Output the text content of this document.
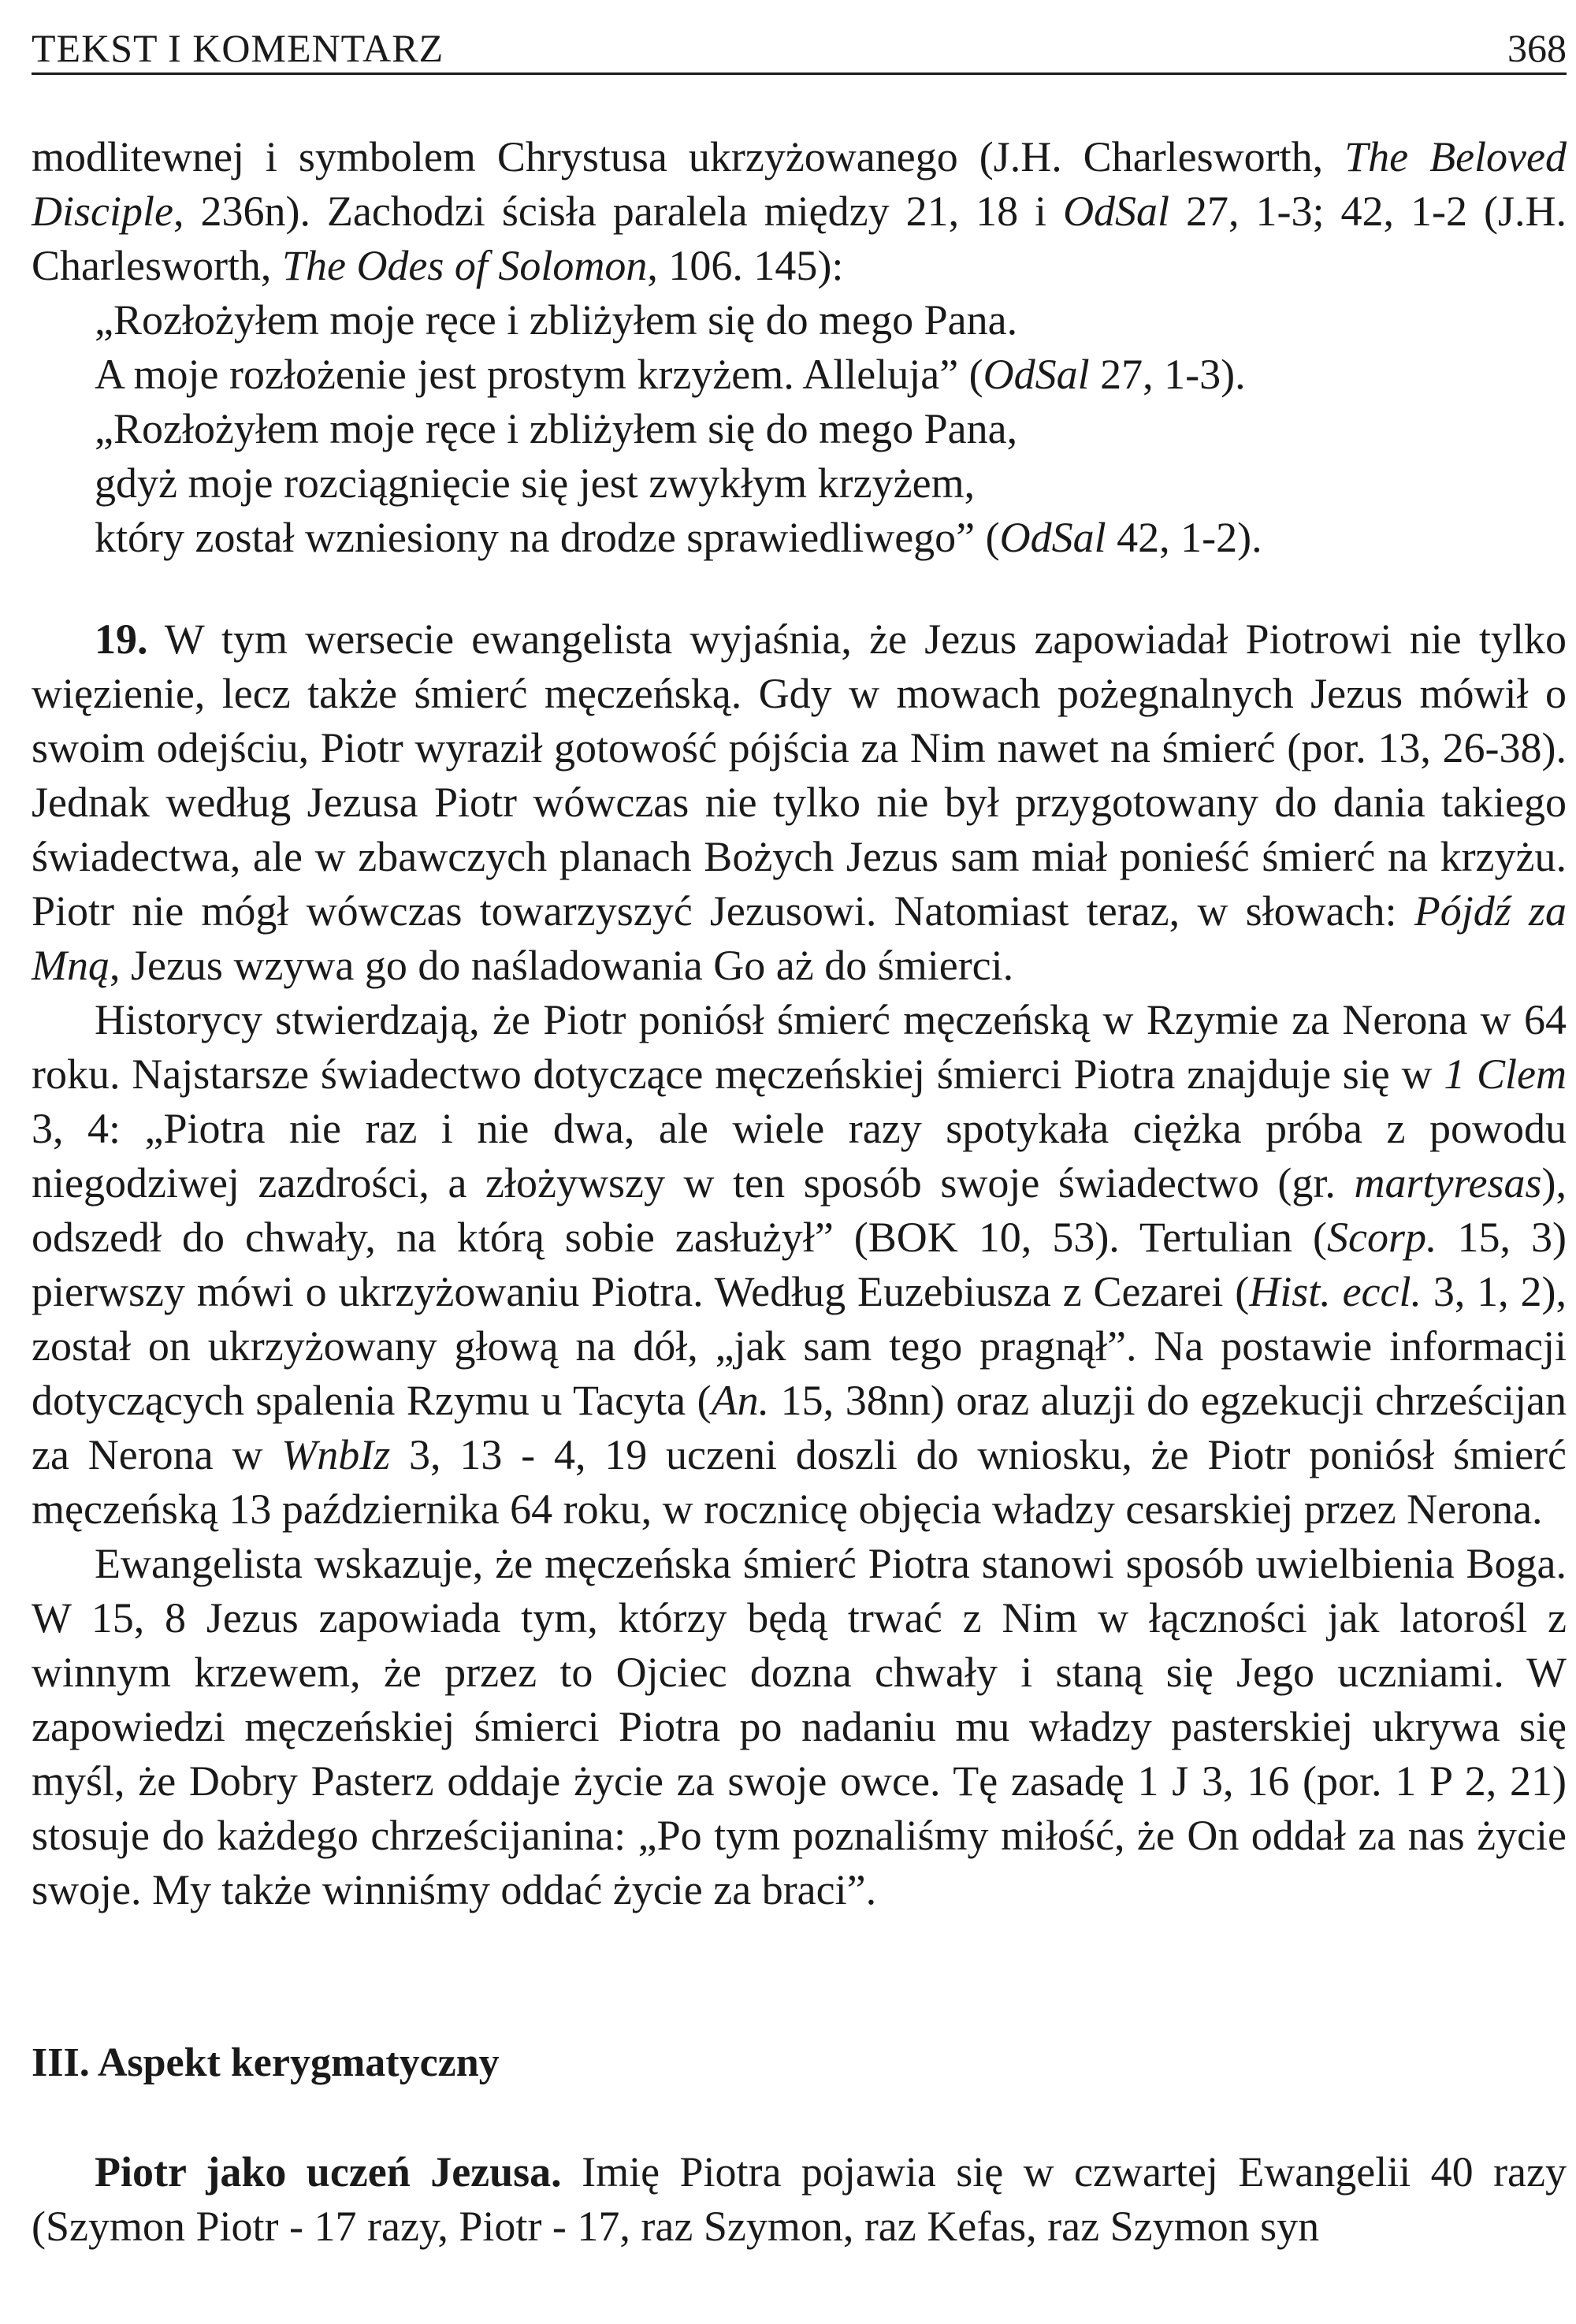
TEKST I KOMENTARZ	368

modlitewnej i symbolem Chrystusa ukrzyżowanego (J.H. Charlesworth, The Beloved Disciple, 236n). Zachodzi ścisła paralela między 21, 18 i OdSal 27, 1-3; 42, 1-2 (J.H. Charlesworth, The Odes of Solomon, 106. 145):

„Rozłożyłem moje ręce i zbliżyłem się do mego Pana.
A moje rozłożenie jest prostym krzyżem. Alleluja” (OdSal 27, 1-3).
„Rozłożyłem moje ręce i zbliżyłem się do mego Pana,
gdyż moje rozciągnięcie się jest zwykłym krzyżem,
który został wzniesiony na drodze sprawiedliwego” (OdSal 42, 1-2).

19. W tym wersecie ewangelista wyjaśnia, że Jezus zapowiadał Piotrowi nie tylko więzienie, lecz także śmierć męczeńską. Gdy w mowach pożegnalnych Jezus mówił o swoim odejściu, Piotr wyraził gotowość pójścia za Nim nawet na śmierć (por. 13, 26-38). Jednak według Jezusa Piotr wówczas nie tylko nie był przygotowany do dania takiego świadectwa, ale w zbawczych planach Bożych Jezus sam miał ponieść śmierć na krzyżu. Piotr nie mógł wówczas towarzyszyć Jezusowi. Natomiast teraz, w słowach: Pójdź za Mną, Jezus wzywa go do naśladowania Go aż do śmierci.

Historycy stwierdzają, że Piotr poniósł śmierć męczeńską w Rzymie za Nerona w 64 roku. Najstarsze świadectwo dotyczące męczeńskiej śmierci Piotra znajduje się w 1 Clem 3, 4: „Piotra nie raz i nie dwa, ale wiele razy spotykała ciężka próba z powodu niegodziwej zazdrości, a złożywszy w ten sposób swoje świadectwo (gr. martyresas), odszedł do chwały, na którą sobie zasłużył” (BOK 10, 53). Tertulian (Scorp. 15, 3) pierwszy mówi o ukrzyżowaniu Piotra. Według Euzebiusza z Cezarei (Hist. eccl. 3, 1, 2), został on ukrzyżowany głową na dół, „jak sam tego pragnął”. Na postawie informacji dotyczących spalenia Rzymu u Tacyta (An. 15, 38nn) oraz aluzji do egzekucji chrześcijan za Nerona w WnbIz 3, 13 - 4, 19 uczeni doszli do wniosku, że Piotr poniósł śmierć męczeńską 13 października 64 roku, w rocznicę objęcia władzy cesarskiej przez Nerona.

Ewangelista wskazuje, że męczeńska śmierć Piotra stanowi sposób uwielbienia Boga. W 15, 8 Jezus zapowiada tym, którzy będą trwać z Nim w łączności jak latorośl z winnym krzewem, że przez to Ojciec dozna chwały i staną się Jego uczniami. W zapowiedzi męczeńskiej śmierci Piotra po nadaniu mu władzy pasterskiej ukrywa się myśl, że Dobry Pasterz oddaje życie za swoje owce. Tę zasadę 1 J 3, 16 (por. 1 P 2, 21) stosuje do każdego chrześcijanina: „Po tym poznaliśmy miłość, że On oddał za nas życie swoje. My także winniśmy oddać życie za braci”.

III. Aspekt kerygmatyczny

Piotr jako uczeń Jezusa. Imię Piotra pojawia się w czwartej Ewangelii 40 razy (Szymon Piotr - 17 razy, Piotr - 17, raz Szymon, raz Kefas, raz Szymon syn
